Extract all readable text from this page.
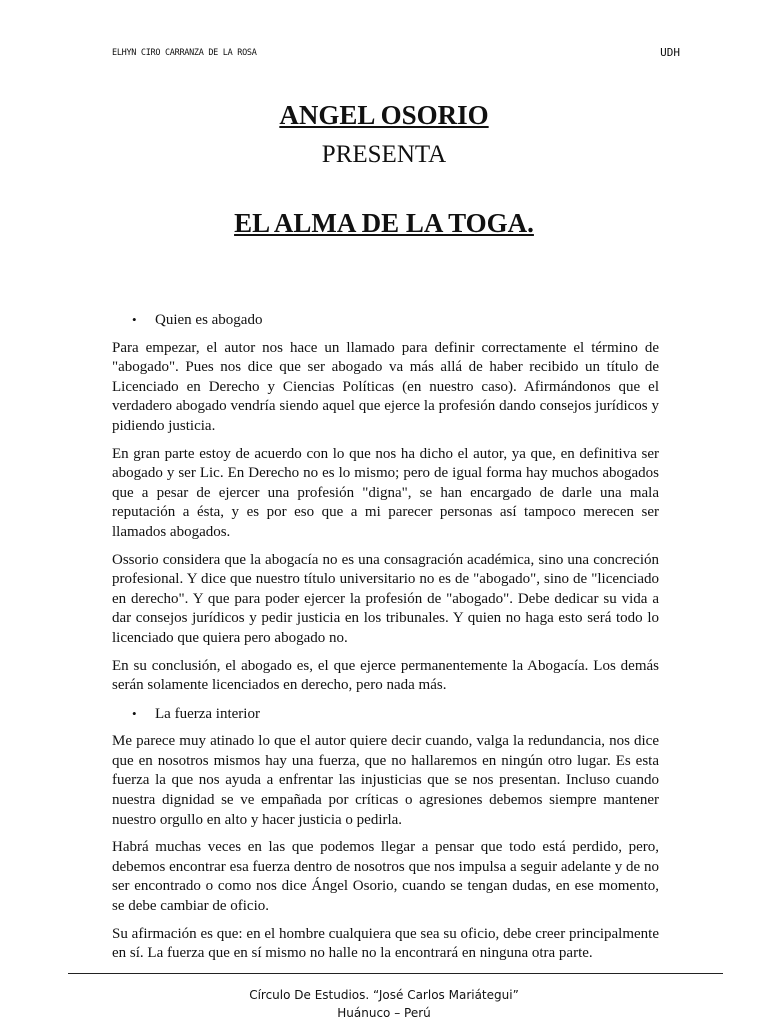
ELHYN CIRO CARRANZA DE LA ROSA	UDH
ANGEL OSORIO
PRESENTA
EL ALMA DE LA TOGA.
•	Quien es abogado

Para empezar, el autor nos hace un llamado para definir correctamente el término de "abogado". Pues nos dice que ser abogado va más allá de haber recibido un título de Licenciado en Derecho y Ciencias Políticas (en nuestro caso). Afirmándonos que el verdadero abogado vendría siendo aquel que ejerce la profesión dando consejos jurídicos y pidiendo justicia.

En gran parte estoy de acuerdo con lo que nos ha dicho el autor, ya que, en definitiva ser abogado y ser Lic. En Derecho no es lo mismo; pero de igual forma hay muchos abogados que a pesar de ejercer una profesión "digna", se han encargado de darle una mala reputación a ésta, y es por eso que a mi parecer personas así tampoco merecen ser llamados abogados.

Ossorio considera que la abogacía no es una consagración académica, sino una concreción profesional. Y dice que nuestro título universitario no es de "abogado", sino de "licenciado en derecho". Y que para poder ejercer la profesión de "abogado". Debe dedicar su vida a dar consejos jurídicos y pedir justicia en los tribunales. Y quien no haga esto será todo lo licenciado que quiera pero abogado no.

En su conclusión, el abogado es, el que ejerce permanentemente la Abogacía. Los demás serán solamente licenciados en derecho, pero nada más.

•	La fuerza interior

Me parece muy atinado lo que el autor quiere decir cuando, valga la redundancia, nos dice que en nosotros mismos hay una fuerza, que no hallaremos en ningún otro lugar. Es esta fuerza la que nos ayuda a enfrentar las injusticias que se nos presentan. Incluso cuando nuestra dignidad se ve empañada por críticas o agresiones debemos siempre mantener nuestro orgullo en alto y hacer justicia o pedirla.

Habrá muchas veces en las que podemos llegar a pensar que todo está perdido, pero, debemos encontrar esa fuerza dentro de nosotros que nos impulsa a seguir adelante y de no ser encontrado o como nos dice Ángel Osorio, cuando se tengan dudas, en ese momento, se debe cambiar de oficio.

Su afirmación es que: en el hombre cualquiera que sea su oficio, debe creer principalmente en sí. La fuerza que en sí mismo no halle no la encontrará en ninguna otra parte.

Círculo De Estudios. “José Carlos Mariátegui”
Huánuco – Perú
